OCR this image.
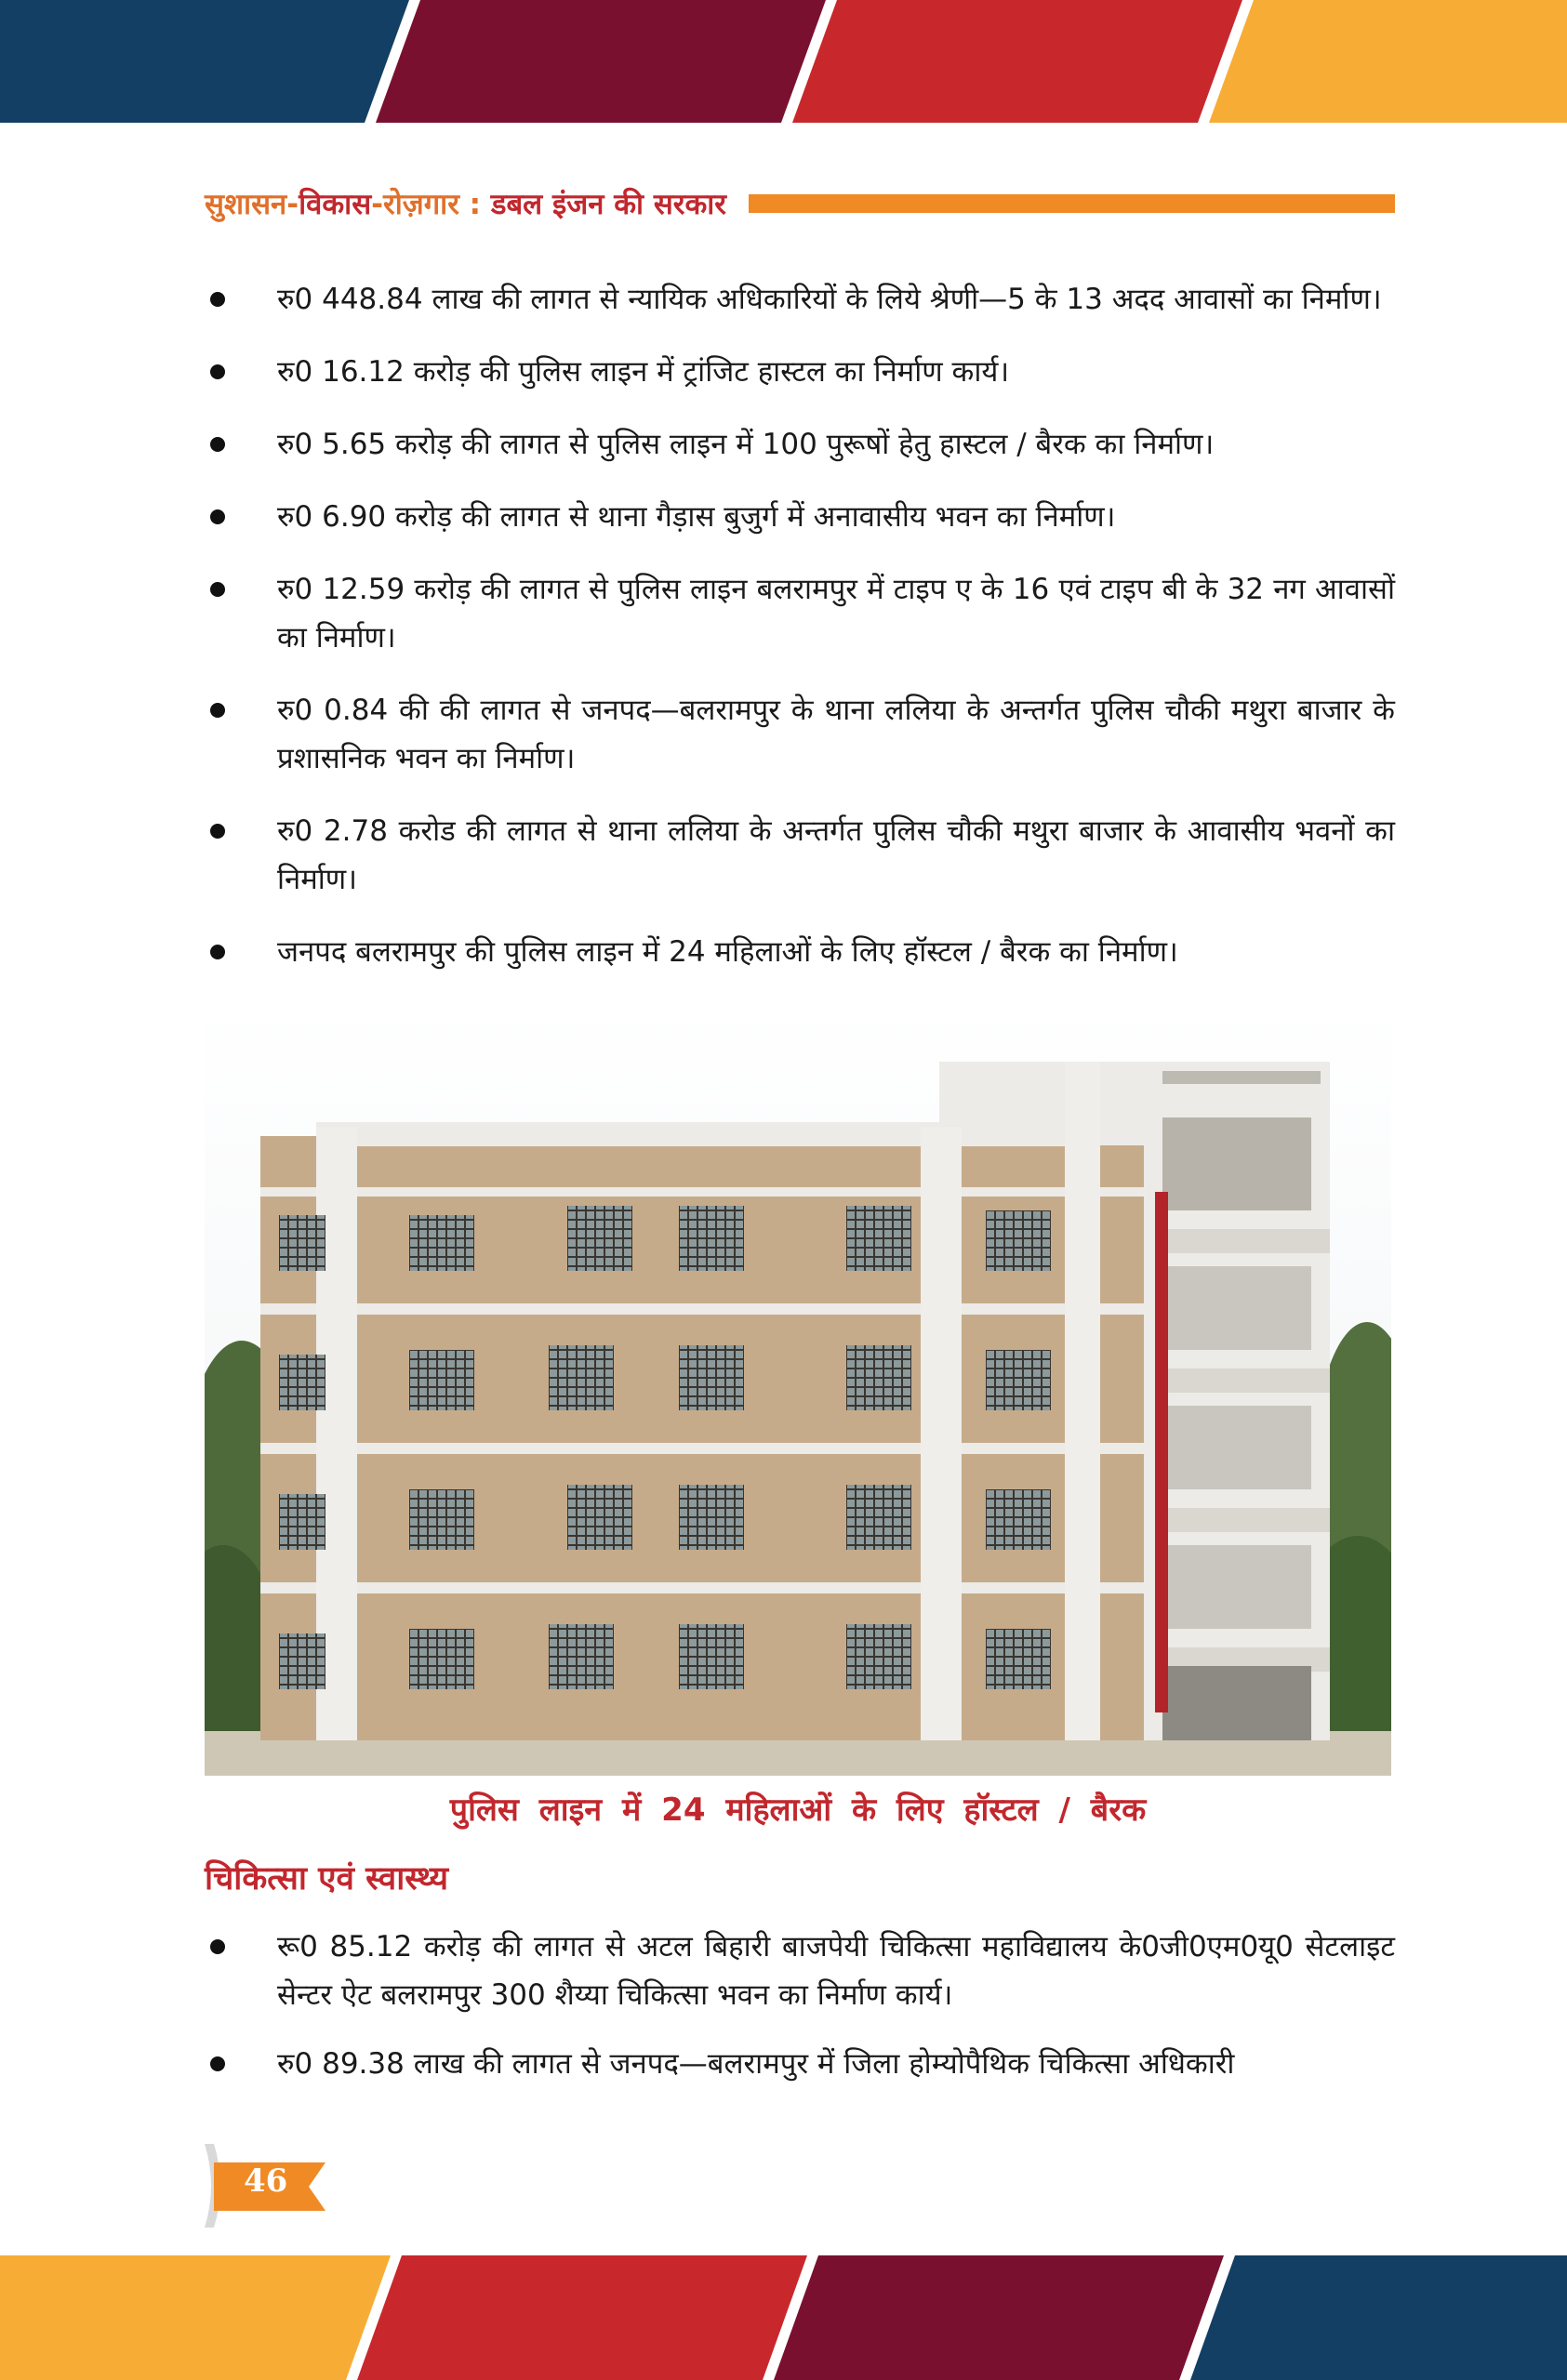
सुशासन-विकास-रोज़गार : डबल इंजन की सरकार
रु0 448.84 लाख की लागत से न्यायिक अधिकारियों के लिये श्रेणी—5 के 13 अदद आवासों का निर्माण।
रु0 16.12 करोड़ की पुलिस लाइन में ट्रांजिट हास्टल का निर्माण कार्य।
रु0 5.65 करोड़ की लागत से पुलिस लाइन में 100 पुरूषों हेतु हास्टल / बैरक का निर्माण।
रु0 6.90 करोड़ की लागत से थाना गैड़ास बुजुर्ग में अनावासीय भवन का निर्माण।
रु0 12.59 करोड़ की लागत से पुलिस लाइन बलरामपुर में टाइप ए के 16 एवं टाइप बी के 32 नग आवासों का निर्माण।
रु0 0.84 की की लागत से जनपद—बलरामपुर के थाना ललिया के अन्तर्गत पुलिस चौकी मथुरा बाजार के प्रशासनिक भवन का निर्माण।
रु0 2.78 करोड की लागत से थाना ललिया के अन्तर्गत पुलिस चौकी मथुरा बाजार के आवासीय भवनों का निर्माण।
जनपद बलरामपुर की पुलिस लाइन में 24 महिलाओं के लिए हॉस्टल / बैरक का निर्माण।
पुलिस लाइन में 24 महिलाओं के लिए हॉस्टल / बैरक
चिकित्सा एवं स्वास्थ्य
रू0 85.12 करोड़ की लागत से अटल बिहारी बाजपेयी चिकित्सा महाविद्यालय के0जी0एम0यू0 सेटलाइट सेन्टर ऐट बलरामपुर 300 शैय्या चिकित्सा भवन का निर्माण कार्य।
रु0 89.38 लाख की लागत से जनपद—बलरामपुर में जिला होम्योपैथिक चिकित्सा अधिकारी
46
